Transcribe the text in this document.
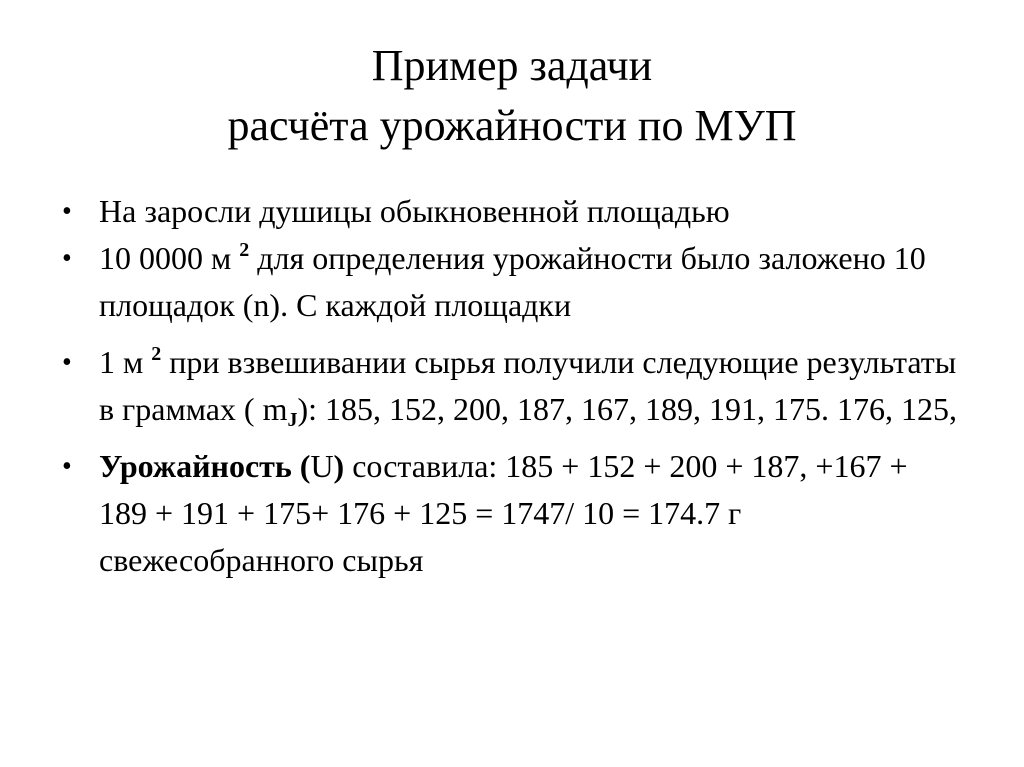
Пример задачи
расчёта урожайности по МУП
• На заросли душицы обыкновенной площадью
• 10 0000 м $^2$ для определения урожайности было заложено 10 площадок (n). С каждой площадки
• 1 м $^2$ при взвешивании сырья получили следующие результаты в граммах ( $m_J$): 185, 152, 200, 187, 167, 189, 191, 175. 176, 125,
• Урожайность (U) составила: 185 + 152 + 200 + 187, +167 + 189 + 191 + 175+ 176 + 125 = 1747/ 10 = 174.7 г свежесобранного сырья
